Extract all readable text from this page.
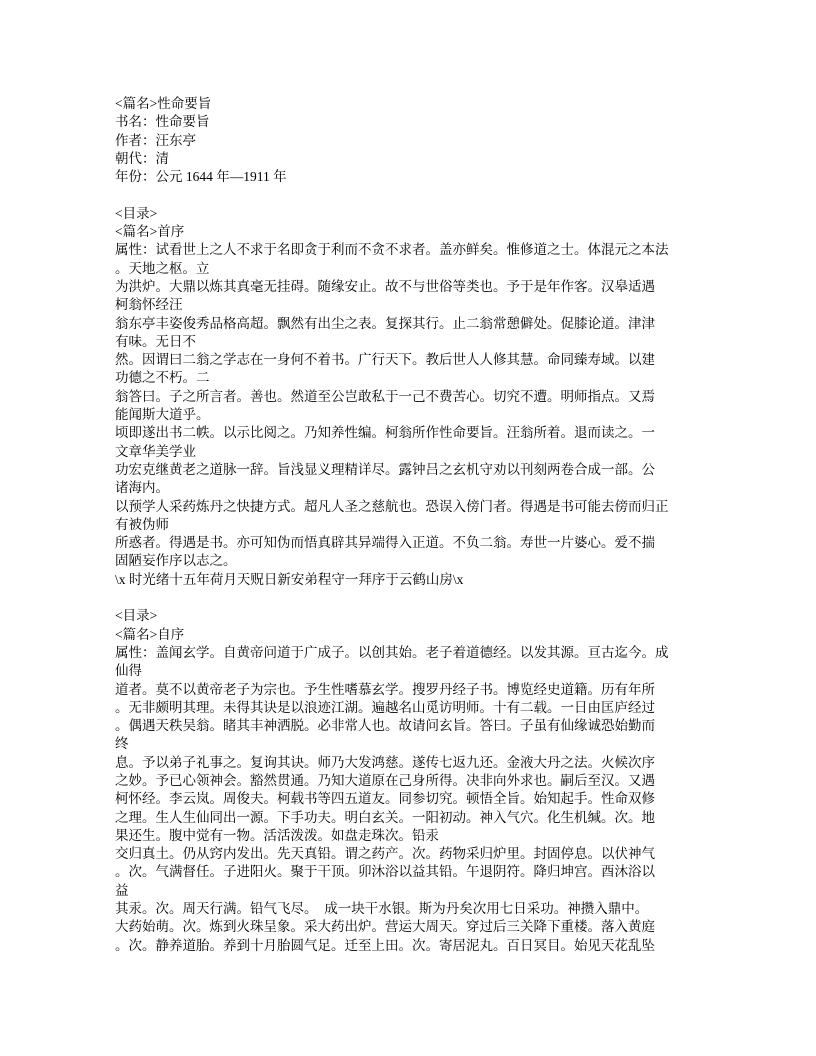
<篇名>性命要旨
书名：性命要旨
作者：汪东亭
朝代：清
年份：公元 1644 年—1911 年

<目录>
<篇名>首序
属性：试看世上之人不求于名即贪于利而不贪不求者。盖亦鲜矣。惟修道之士。体混元之本法
。天地之枢。立
为洪炉。大鼎以炼其真毫无挂碍。随缘安止。故不与世俗等类也。予于是年作客。汉皋适遇
柯翁怀经汪
翁东亭丰姿俊秀品格高超。飘然有出尘之表。复探其行。止二翁常憩僻处。促膝论道。津津
有味。无日不
然。因谓曰二翁之学志在一身何不着书。广行天下。教后世人人修其慧。命同臻寿域。以建
功德之不朽。二
翁答曰。子之所言者。善也。然道至公岂敢私于一己不费苦心。切究不遭。明师指点。又焉
能闻斯大道乎。
顷即遂出书二帙。以示比阅之。乃知养性编。柯翁所作性命要旨。汪翁所着。退而读之。一
文章华美学业
功宏克继黄老之道脉一辞。旨浅显义理精详尽。露钟吕之玄机守劝以刊刻两卷合成一部。公
诸海内。
以预学人采药炼丹之快捷方式。超凡人圣之慈航也。恐误入傍门者。得遇是书可能去傍而归正
有被伪师
所惑者。得遇是书。亦可知伪而悟真辟其异端得入正道。不负二翁。寿世一片婆心。爱不揣
固陋妄作序以志之。
\x 时光绪十五年荷月天贶日新安弟程守一拜序于云鹤山房\x

<目录>
<篇名>自序
属性：盖闻玄学。自黄帝问道于广成子。以创其始。老子着道德经。以发其源。亘古迄今。成
仙得
道者。莫不以黄帝老子为宗也。予生性嗜慕玄学。搜罗丹经子书。博览经史道籍。历有年所
。无非颇明其理。未得其诀是以浪迹江湖。遍越名山觅访明师。十有二载。一日由匡庐经过
。偶遇天秩吴翁。睹其丰神洒脱。必非常人也。故请问玄旨。答曰。子虽有仙缘诚恐始勤而
终
息。予以弟子礼事之。复询其诀。师乃大发鸿慈。遂传七返九还。金液大丹之法。火候次序
之妙。予已心领神会。豁然贯通。乃知大道原在己身所得。决非向外求也。嗣后至汉。又遇
柯怀经。李云岚。周俊夫。柯载书等四五道友。同参切究。顿悟全旨。始知起手。性命双修
之理。生人生仙同出一源。下手功夫。明白玄关。一阳初动。神入气穴。化生机缄。次。地
果还生。腹中觉有一物。活活泼泼。如盘走珠次。铅汞
交归真土。仍从窍内发出。先天真铅。谓之药产。次。药物采归炉里。封固停息。以伏神气
。次。气满督任。子进阳火。聚于干顶。卯沐浴以益其铅。午退阴符。降归坤宫。酉沐浴以
益
其汞。次。周天行满。铅气飞尽。　成一块干水银。斯为丹矣次用七日采功。神攒入鼎中。
大药始萌。次。炼到火珠呈象。采大药出炉。营运大周天。穿过后三关降下重楼。落入黄庭
。次。静养道胎。养到十月胎圆气足。迁至上田。次。寄居泥丸。百日冥目。始见天花乱坠
